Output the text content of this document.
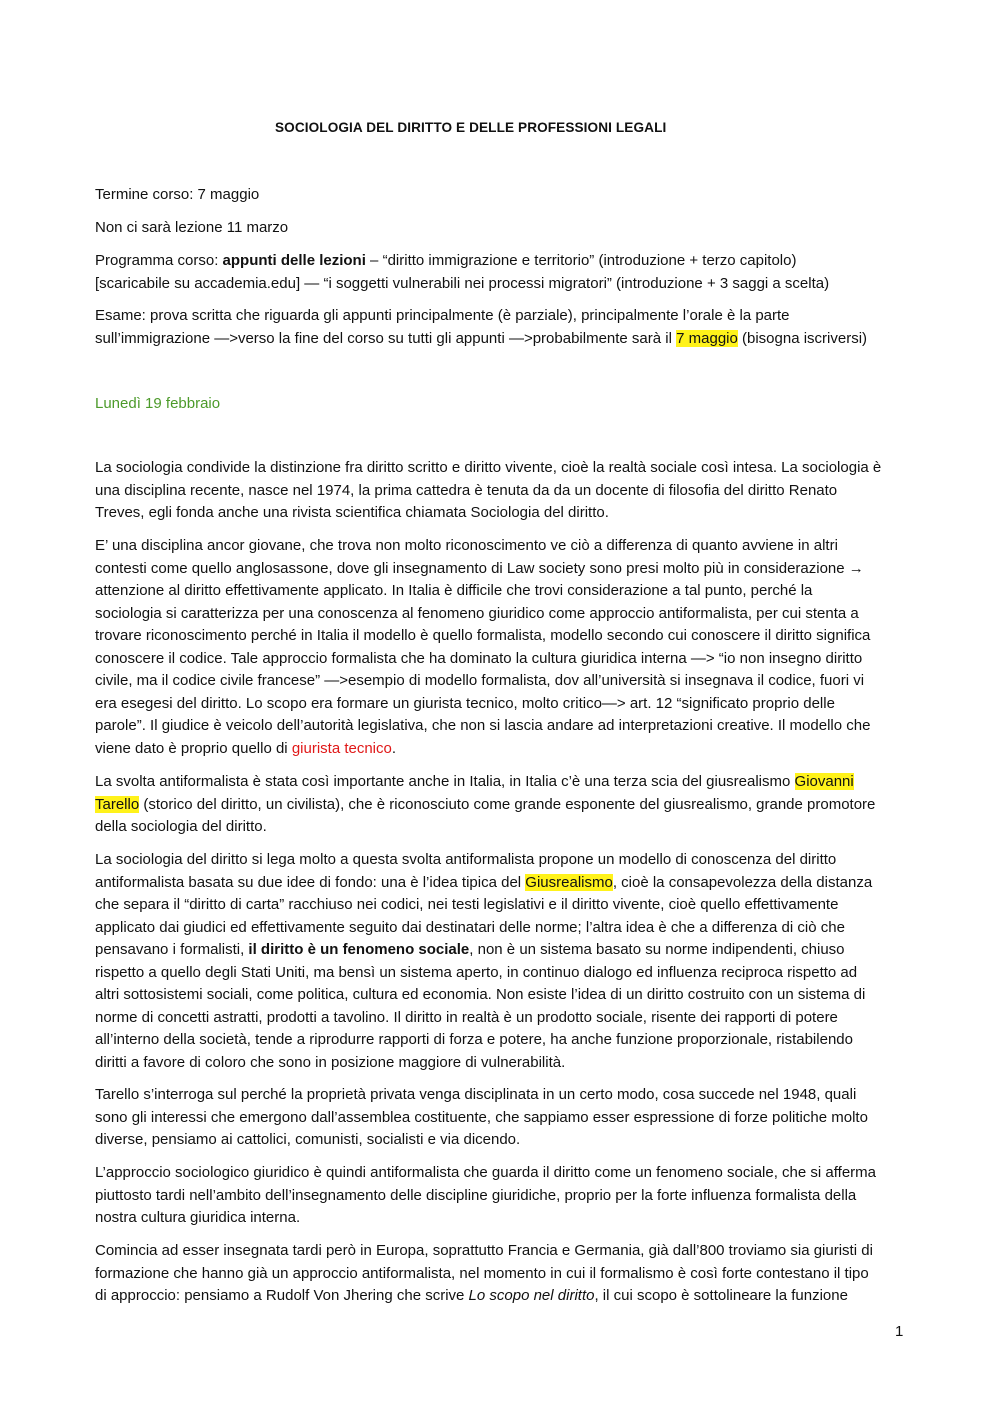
SOCIOLOGIA DEL DIRITTO E DELLE PROFESSIONI LEGALI
Termine corso: 7 maggio
Non ci sarà lezione 11 marzo
Programma corso: appunti delle lezioni – “diritto immigrazione e territorio” (introduzione + terzo capitolo)
[scaricabile su accademia.edu] — “i soggetti vulnerabili nei processi migratori” (introduzione + 3 saggi a scelta)
Esame: prova scritta che riguarda gli appunti principalmente (è parziale), principalmente l’orale è la parte
sull’immigrazione —>verso la fine del corso su tutti gli appunti —>probabilmente sarà il 7 maggio (bisogna iscriversi)
Lunedì 19 febbraio
La sociologia condivide la distinzione fra diritto scritto e diritto vivente, cioè la realtà sociale così intesa. La sociologia è
una disciplina recente, nasce nel 1974, la prima cattedra è tenuta da da un docente di filosofia del diritto Renato
Treves, egli fonda anche una rivista scientifica chiamata Sociologia del diritto.
E’ una disciplina ancor giovane, che trova non molto riconoscimento ve ciò a differenza di quanto avviene in altri
contesti come quello anglosassone, dove gli insegnamento di Law society sono presi molto più in considerazione →
attenzione al diritto effettivamente applicato. In Italia è difficile che trovi considerazione a tal punto, perché la
sociologia si caratterizza per una conoscenza al fenomeno giuridico come approccio antiformalista, per cui stenta a
trovare riconoscimento perché in Italia il modello è quello formalista, modello secondo cui conoscere il diritto significa
conoscere il codice. Tale approccio formalista che ha dominato la cultura giuridica interna —> “io non insegno diritto
civile, ma il codice civile francese” —>esempio di modello formalista, dov all’università si insegnava il codice, fuori vi
era esegesi del diritto. Lo scopo era formare un giurista tecnico, molto critico—> art. 12 “significato proprio delle
parole”. Il giudice è veicolo dell’autorità legislativa, che non si lascia andare ad interpretazioni creative. Il modello che
viene dato è proprio quello di giurista tecnico.
La svolta antiformalista è stata così importante anche in Italia, in Italia c’è una terza scia del giusrealismo Giovanni
Tarello (storico del diritto, un civilista), che è riconosciuto come grande esponente del giusrealismo, grande promotore
della sociologia del diritto.
La sociologia del diritto si lega molto a questa svolta antiformalista propone un modello di conoscenza del diritto
antiformalista basata su due idee di fondo: una è l’idea tipica del Giusrealismo, cioè la consapevolezza della distanza
che separa il “diritto di carta” racchiuso nei codici, nei testi legislativi e il diritto vivente, cioè quello effettivamente
applicato dai giudici ed effettivamente seguito dai destinatari delle norme; l’altra idea è che a differenza di ciò che
pensavano i formalisti, il diritto è un fenomeno sociale, non è un sistema basato su norme indipendenti, chiuso
rispetto a quello degli Stati Uniti, ma bensì un sistema aperto, in continuo dialogo ed influenza reciproca rispetto ad
altri sottosistemi sociali, come politica, cultura ed economia. Non esiste l’idea di un diritto costruito con un sistema di
norme di concetti astratti, prodotti a tavolino. Il diritto in realtà è un prodotto sociale, risente dei rapporti di potere
all’interno della società, tende a riprodurre rapporti di forza e potere, ha anche funzione proporzionale, ristabilendo
diritti a favore di coloro che sono in posizione maggiore di vulnerabilità.
Tarello s’interroga sul perché la proprietà privata venga disciplinata in un certo modo, cosa succede nel 1948, quali
sono gli interessi che emergono dall’assemblea costituente, che sappiamo esser espressione di forze politiche molto
diverse, pensiamo ai cattolici, comunisti, socialisti e via dicendo.
L’approccio sociologico giuridico è quindi antiformalista che guarda il diritto come un fenomeno sociale, che si afferma
piuttosto tardi nell’ambito dell’insegnamento delle discipline giuridiche, proprio per la forte influenza formalista della
nostra cultura giuridica interna.
Comincia ad esser insegnata tardi però in Europa, soprattutto Francia e Germania, già dall’800 troviamo sia giuristi di
formazione che hanno già un approccio antiformalista, nel momento in cui il formalismo è così forte contestano il tipo
di approccio: pensiamo a Rudolf Von Jhering che scrive Lo scopo nel diritto, il cui scopo è sottolineare la funzione
1
